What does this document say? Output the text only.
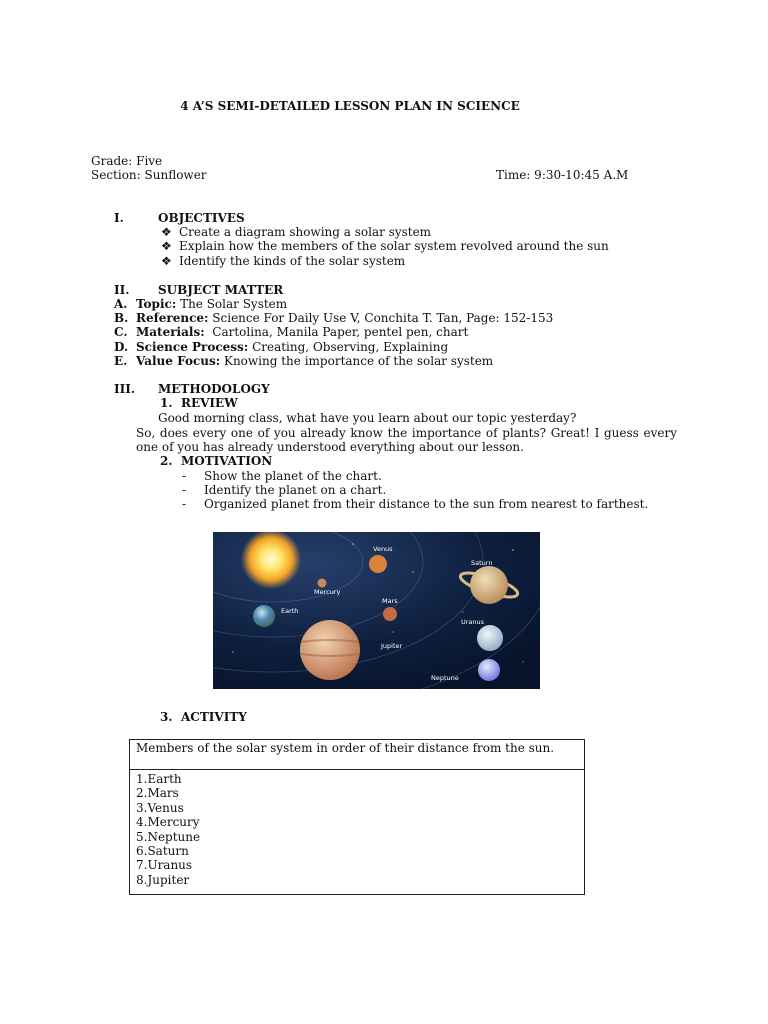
4 A’S SEMI-DETAILED LESSON PLAN IN SCIENCE
Grade: Five
Section: Sunflower	Time: 9:30-10:45 A.M
I.	OBJECTIVES
❖ Create a diagram showing a solar system
❖ Explain how the members of the solar system revolved around the sun
❖ Identify the kinds of the solar system
II. SUBJECT MATTER
A. Topic: The Solar System
B. Reference: Science For Daily Use V, Conchita T. Tan, Page: 152-153
C. Materials:  Cartolina, Manila Paper, pentel pen, chart
D. Science Process: Creating, Observing, Explaining
E. Value Focus: Knowing the importance of the solar system
III. METHODOLOGY
1. REVIEW
Good morning class, what have you learn about our topic yesterday?
So, does every one of you already know the importance of plants? Great! I guess every one of you has already understood everything about our lesson.
2. MOTIVATION
- Show the planet of the chart.
- Identify the planet on a chart.
- Organized planet from their distance to the sun from nearest to farthest.
Venus
Saturn
Mercury
Earth
Mars
Uranus
Jupiter
Neptune
3. ACTIVITY
Members of the solar system in order of their distance from the sun.
1.Earth
2.Mars
3.Venus
4.Mercury
5.Neptune
6.Saturn
7.Uranus
8.Jupiter
